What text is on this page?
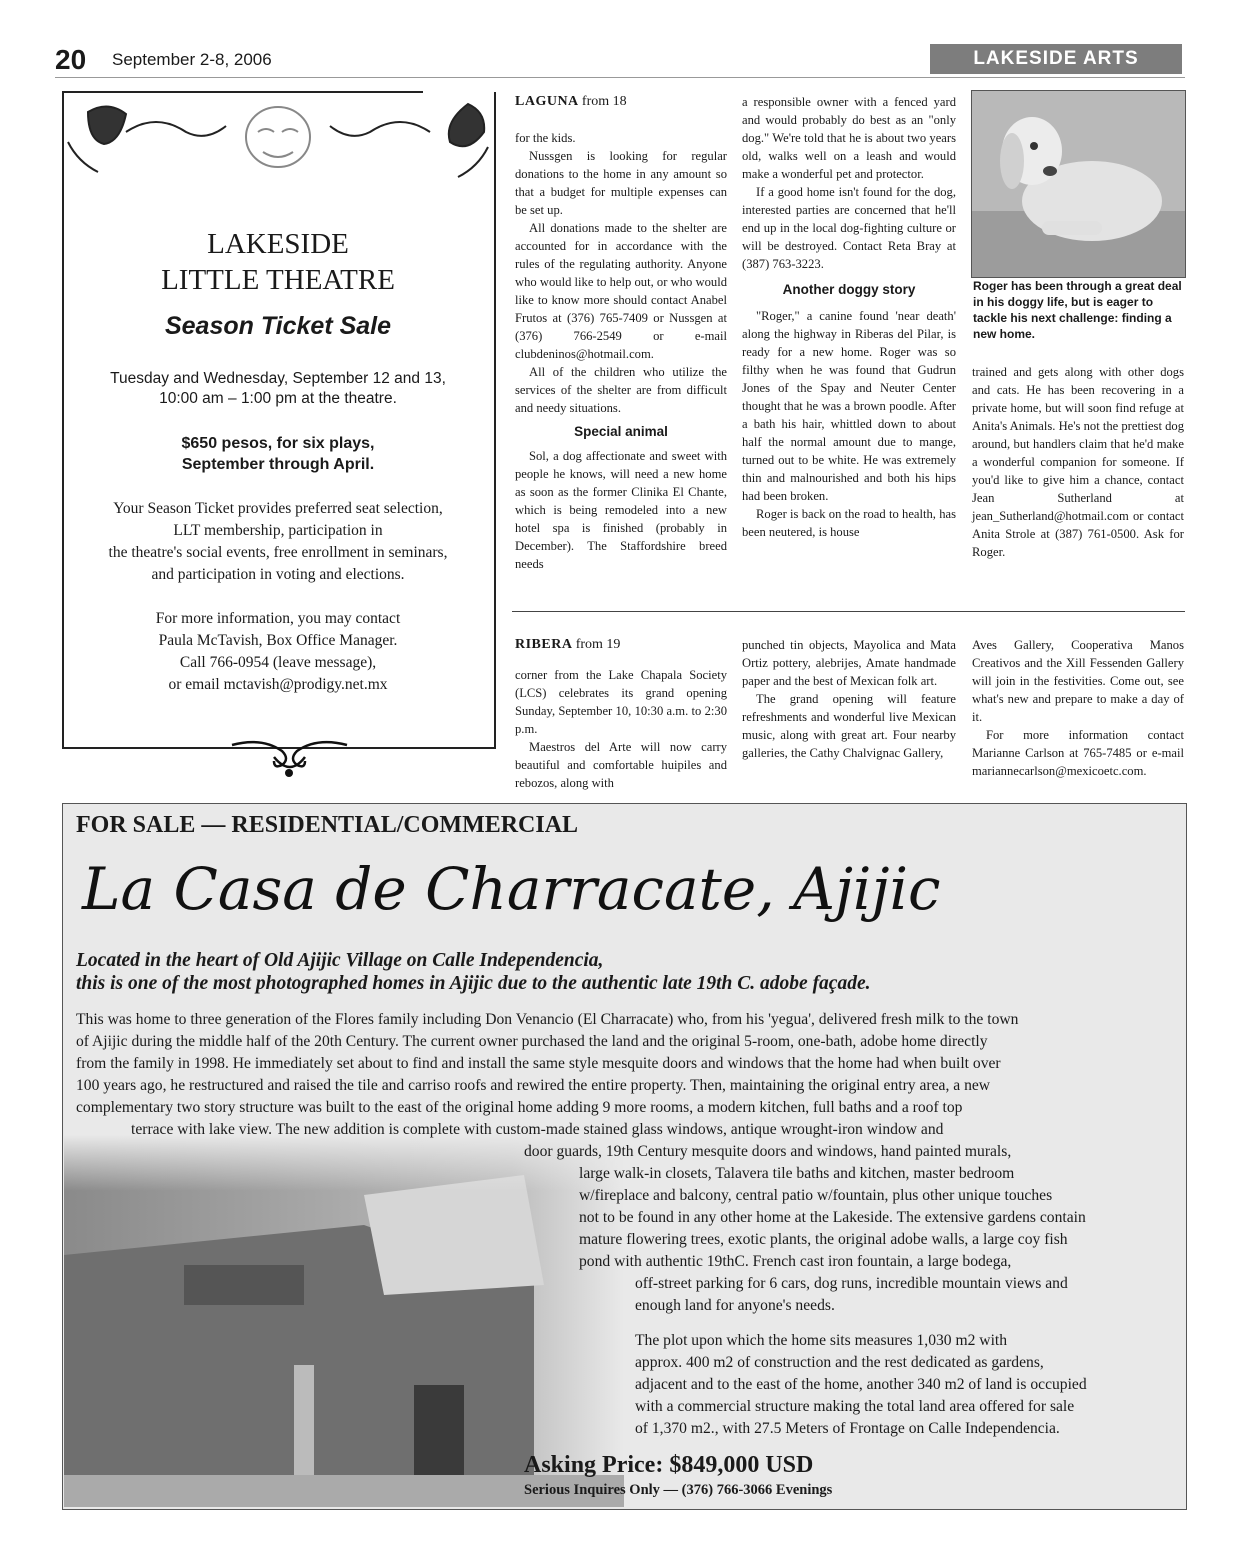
20 September 2-8, 2006	LAKESIDE ARTS
LAKESIDE
LITTLE THEATRE
Season Ticket Sale
Tuesday and Wednesday, September 12 and 13,
10:00 am – 1:00 pm at the theatre.
$650 pesos, for six plays,
September through April.
Your Season Ticket provides preferred seat selection,
LLT membership, participation in
the theatre's social events, free enrollment in seminars,
and participation in voting and elections.
For more information, you may contact
Paula McTavish, Box Office Manager.
Call 766-0954 (leave message),
or email mctavish@prodigy.net.mx
LAGUNA from 18

for the kids.

Nussgen is looking for regular donations to the home in any amount so that a budget for multiple expenses can be set up.

All donations made to the shelter are accounted for in accordance with the rules of the regulating authority. Anyone who would like to help out, or who would like to know more should contact Anabel Frutos at (376) 765-7409 or Nussgen at (376) 766-2549 or e-mail clubdeninos@hotmail.com.

All of the children who utilize the services of the shelter are from difficult and needy situations.

Special animal

Sol, a dog affectionate and sweet with people he knows, will need a new home as soon as the former Clinika El Chante, which is being remodeled into a new hotel spa is finished (probably in December). The Staffordshire breed needs

a responsible owner with a fenced yard and would probably do best as an "only dog." We're told that he is about two years old, walks well on a leash and would make a wonderful pet and protector.

If a good home isn't found for the dog, interested parties are concerned that he'll end up in the local dog-fighting culture or will be destroyed. Contact Reta Bray at (387) 763-3223.

Another doggy story

"Roger," a canine found 'near death' along the highway in Riberas del Pilar, is ready for a new home. Roger was so filthy when he was found that Gudrun Jones of the Spay and Neuter Center thought that he was a brown poodle. After a bath his hair, whittled down to about half the normal amount due to mange, turned out to be white. He was extremely thin and malnourished and both his hips had been broken.

Roger is back on the road to health, has been neutered, is house

Roger has been through a great deal in his doggy life, but is eager to tackle his next challenge: finding a new home.

trained and gets along with other dogs and cats. He has been recovering in a private home, but will soon find refuge at Anita's Animals. He's not the prettiest dog around, but handlers claim that he'd make a wonderful companion for someone. If you'd like to give him a chance, contact Jean Sutherland at jean_Sutherland@hotmail.com or contact Anita Strole at (387) 761-0500. Ask for Roger.

RIBERA from 19

corner from the Lake Chapala Society (LCS) celebrates its grand opening Sunday, September 10, 10:30 a.m. to 2:30 p.m.

Maestros del Arte will now carry beautiful and comfortable huipiles and rebozos, along with

punched tin objects, Mayolica and Mata Ortiz pottery, alebrijes, Amate handmade paper and the best of Mexican folk art.

The grand opening will feature refreshments and wonderful live Mexican music, along with great art. Four nearby galleries, the Cathy Chalvignac Gallery,

Aves Gallery, Cooperativa Manos Creativos and the Xill Fessenden Gallery will join in the festivities. Come out, see what's new and prepare to make a day of it.

For more information contact Marianne Carlson at 765-7485 or e-mail mariannecarlson@mexicoetc.com.

FOR SALE — RESIDENTIAL/COMMERCIAL
La Casa de Charracate, Ajijic
Located in the heart of Old Ajijic Village on Calle Independencia,
this is one of the most photographed homes in Ajijic due to the authentic late 19th C. adobe façade.
This was home to three generation of the Flores family including Don Venancio (El Charracate) who, from his 'yegua', delivered fresh milk to the town
of Ajijic during the middle half of the 20th Century. The current owner purchased the land and the original 5-room, one-bath, adobe home directly
from the family in 1998. He immediately set about to find and install the same style mesquite doors and windows that the home had when built over
100 years ago, he restructured and raised the tile and carriso roofs and rewired the entire property. Then, maintaining the original entry area, a new
complementary two story structure was built to the east of the original home adding 9 more rooms, a modern kitchen, full baths and a roof top
terrace with lake view. The new addition is complete with custom-made stained glass windows, antique wrought-iron window and
door guards, 19th Century mesquite doors and windows, hand painted murals,
large walk-in closets, Talavera tile baths and kitchen, master bedroom
w/fireplace and balcony, central patio w/fountain, plus other unique touches
not to be found in any other home at the Lakeside. The extensive gardens contain
mature flowering trees, exotic plants, the original adobe walls, a large coy fish
pond with authentic 19thC. French cast iron fountain, a large bodega,
off-street parking for 6 cars, dog runs, incredible mountain views and
enough land for anyone's needs.
The plot upon which the home sits measures 1,030 m2 with
approx. 400 m2 of construction and the rest dedicated as gardens,
adjacent and to the east of the home, another 340 m2 of land is occupied
with a commercial structure making the total land area offered for sale
of 1,370 m2., with 27.5 Meters of Frontage on Calle Independencia.
Asking Price: $849,000 USD
Serious Inquires Only — (376) 766-3066 Evenings
